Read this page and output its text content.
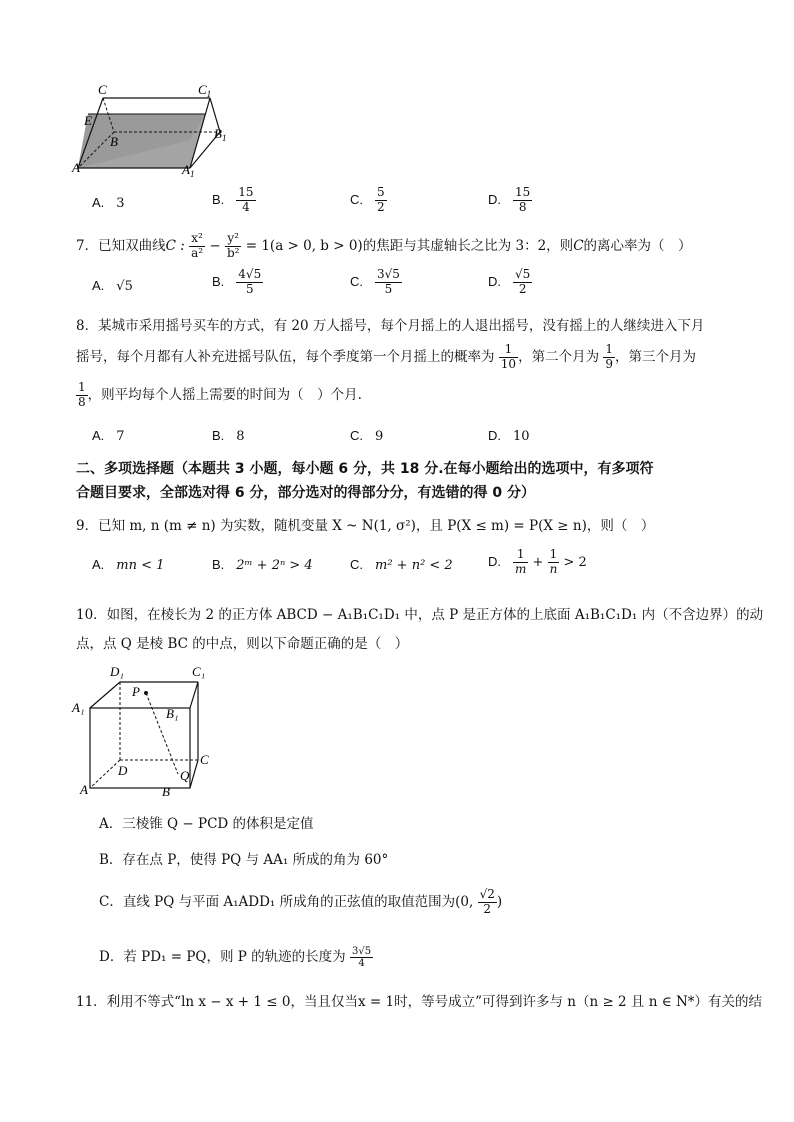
C	$C_1$
E
B
$B_1$
A	$A_1$
A. 3	B. $\frac{15}{4}$	C. $\frac{5}{2}$	D. $\frac{15}{8}$
7．已知双曲线C : $\frac{\text{x²}}{\text{a²}} - \frac{\text{y²}}{\text{b²}} = 1(a > 0$, b > 0)的焦距与其虚轴长之比为 3：2，则C的离心率为（　）
A. √5	B. $\frac{4√5}{5}$	C. $\frac{3√5}{5}$	D. $\frac{√5}{2}$
8．某城市采用摇号买车的方式，有 20 万人摇号，每个月摇上的人退出摇号，没有摇上的人继续进入下月
摇号，每个月都有人补充进摇号队伍，每个季度第一个月摇上的概率为 $\frac{1}{10}$ ，第二个月为 $\frac{1}{9}$ ，第三个月为
$\frac{1}{8}$ ，则平均每个人摇上需要的时间为（　）个月.
A. 7	B. 8	C. 9	D. 10
二、多项选择题（本题共 3 小题，每小题 6 分，共 18 分.在每小题给出的选项中，有多项符
合题目要求，全部选对得 6 分，部分选对的得部分分，有选错的得 0 分）
9．已知 m, n (m ≠ n) 为实数，随机变量 X ~ N(1, σ²)，且 P(X ≤ m) = P(X ≥ n)，则（　）
A. mn < 1	B. 2ᵐ + 2ⁿ > 4	C. m² + n² < 2	D. $\frac{1}{m} + \frac{1}{n} > 2$
10．如图，在棱长为 2 的正方体 ABCD − A₁B₁C₁D₁ 中，点 P 是正方体的上底面 A₁B₁C₁D₁ 内（不含边界）的动
点，点 Q 是棱 BC 的中点，则以下命题正确的是（　）
D₁	C₁
P
A₁	B₁
C
D	Q
A	B
A．三棱锥 Q − PCD 的体积是定值
B．存在点 P，使得 PQ 与 AA₁ 所成的角为 60°
C．直线 PQ 与平面 A₁ADD₁ 所成角的正弦值的取值范围为(0, $\frac{√2}{2}$ )
D．若 PD₁ = PQ，则 P 的轨迹的长度为 $\frac{3√5}{4}$
11．利用不等式“ln x − x + 1 ≤ 0，当且仅当x = 1时，等号成立”可得到许多与 n（n ≥ 2 且 n ∈ N*）有关的结
